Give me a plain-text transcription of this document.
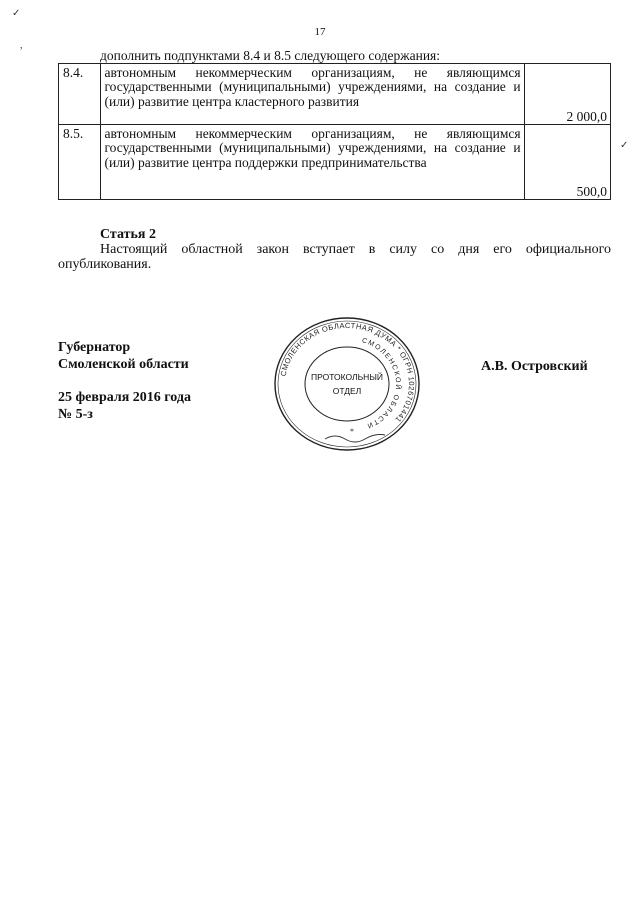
17
✓
,
✓
дополнить подпунктами 8.4 и 8.5 следующего содержания:
8.4.	автономным некоммерческим организациям, не являющимся государственными (муниципальными) учреждениями, на создание и (или) развитие центра кластерного развития	2 000,0
8.5.	автономным некоммерческим организациям, не являющимся государственными (муниципальными) учреждениями, на создание и (или) развитие центра поддержки предпринимательства	500,0
Статья 2
Настоящий областной закон вступает в силу со дня его официального опубликования.
Губернатор
Смоленской области
25 февраля 2016 года
№ 5-з
А.В. Островский
СМОЛЕНСКАЯ ОБЛАСТНАЯ ДУМА * ОГРН 1026701441
СМОЛЕНСКОЙ ОБЛАСТИ
ПРОТОКОЛЬНЫЙ
ОТДЕЛ
*
